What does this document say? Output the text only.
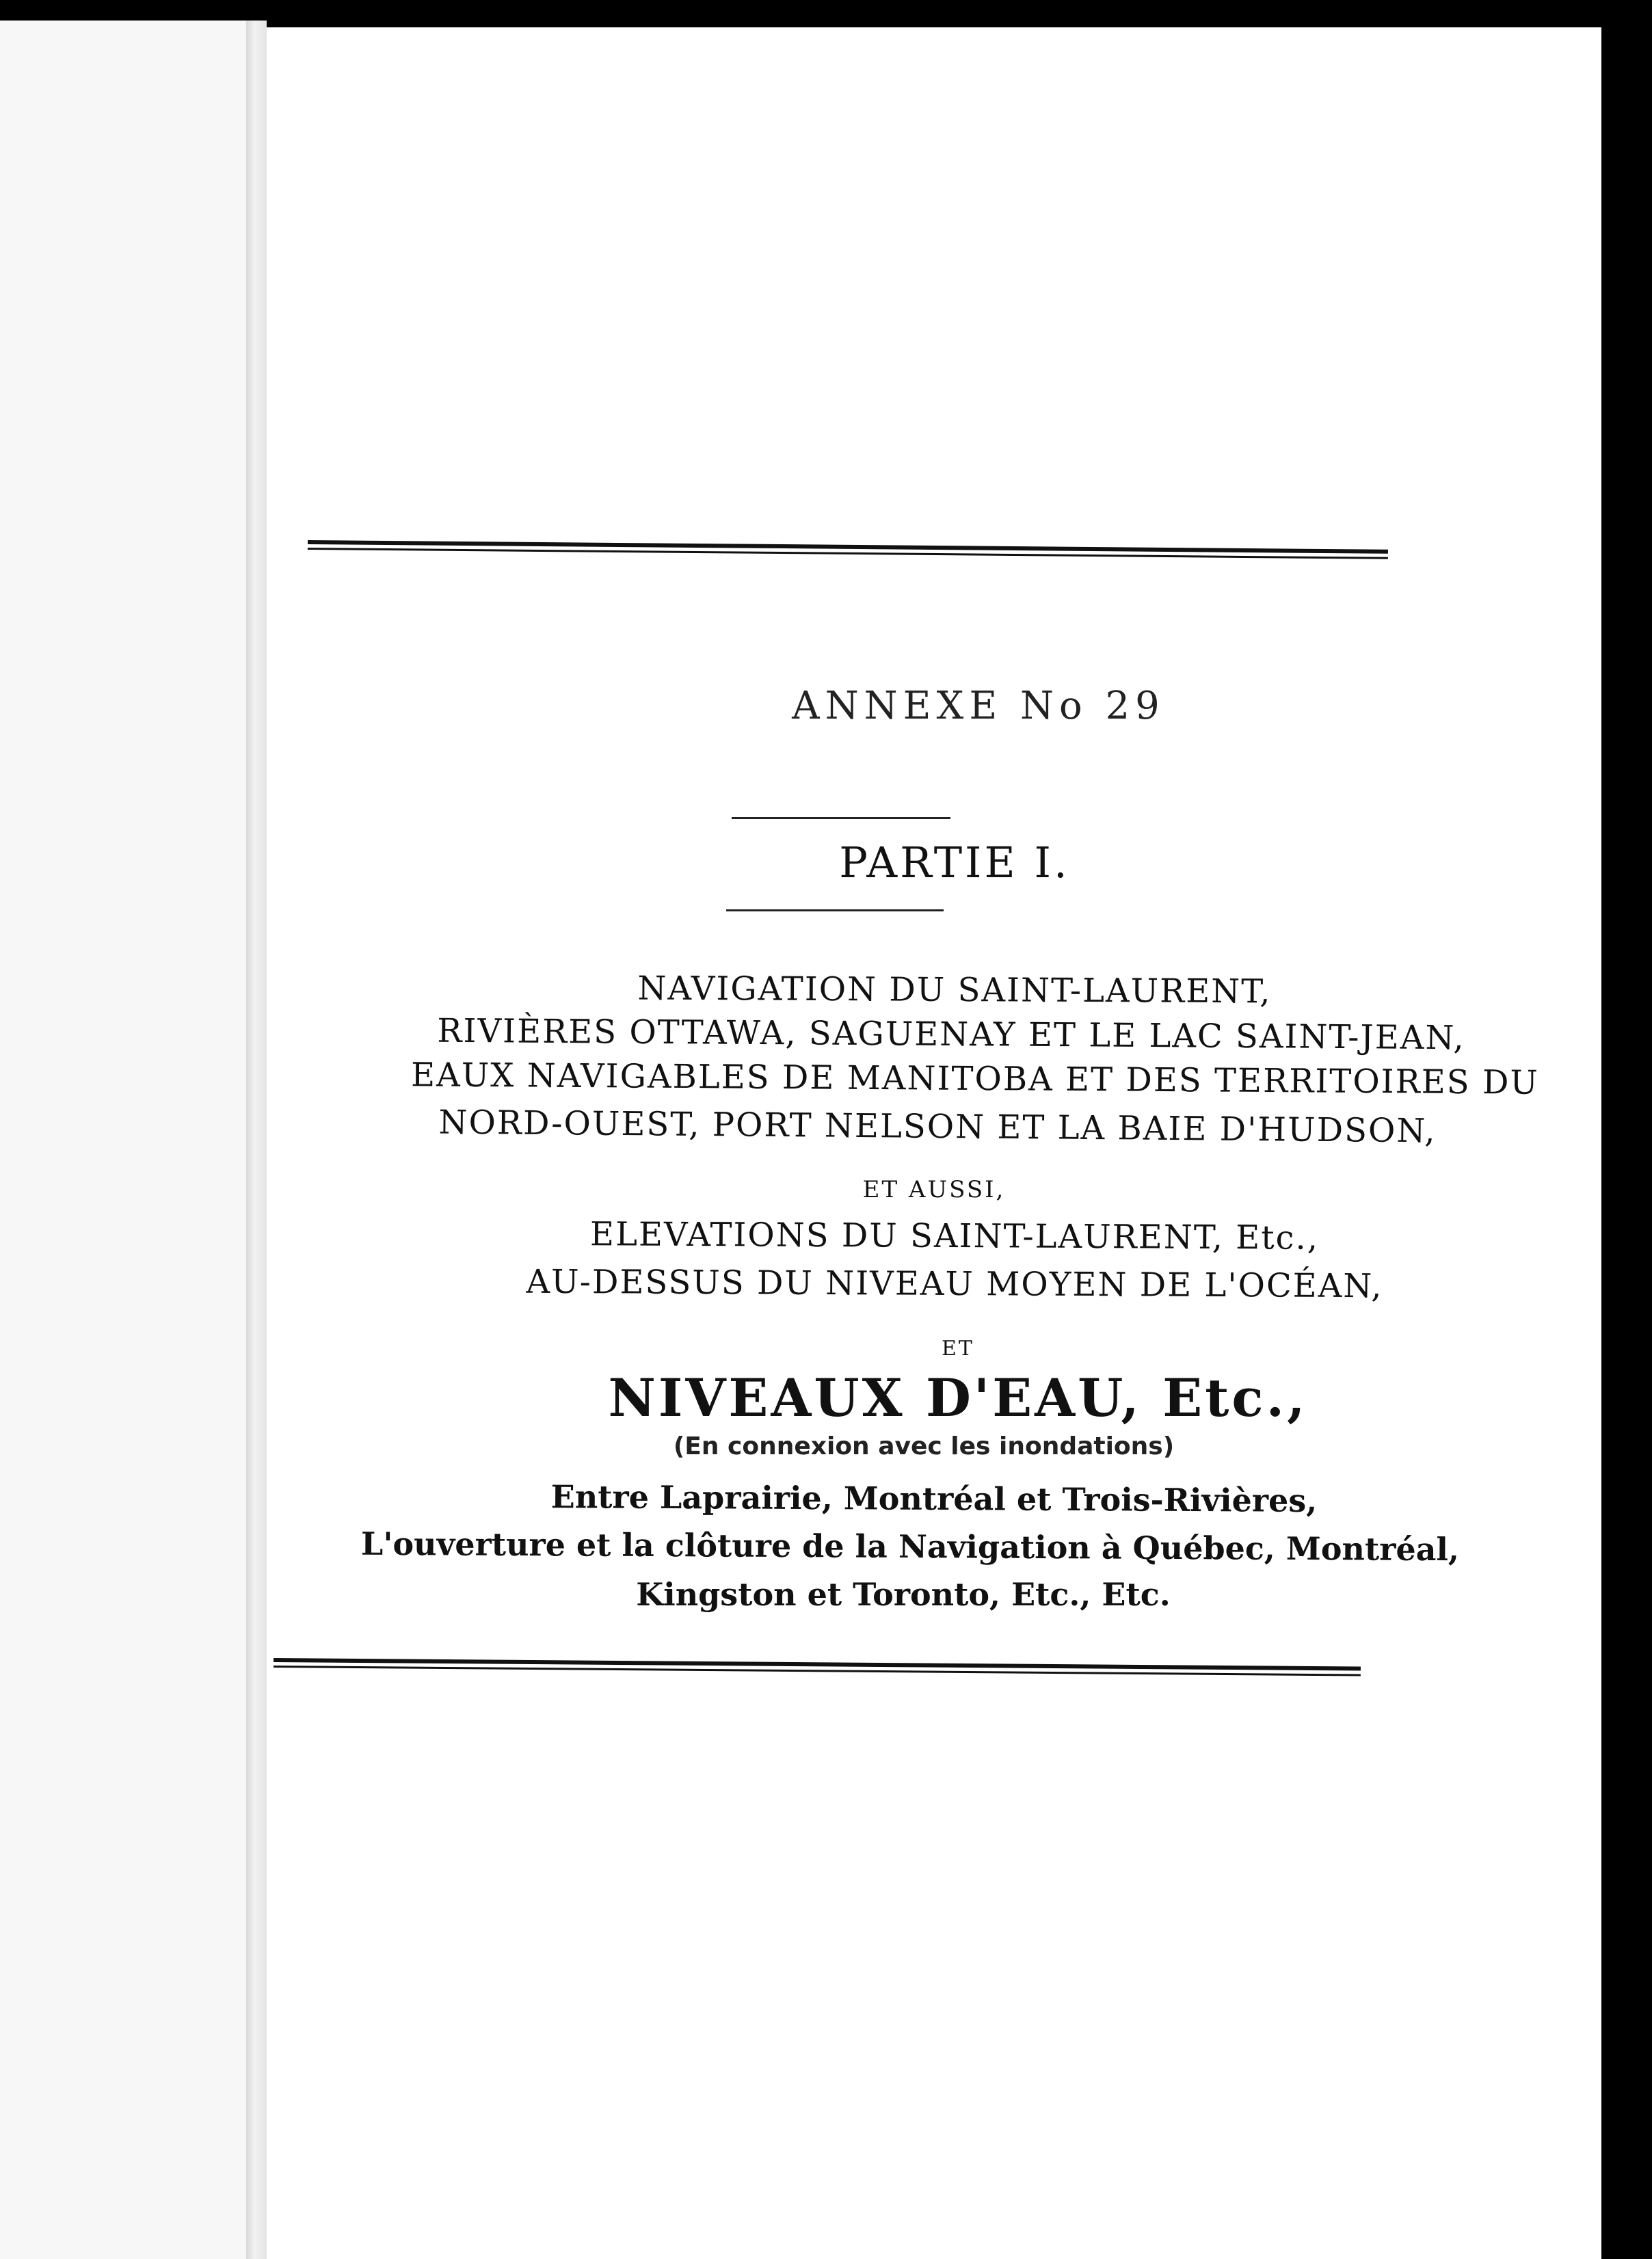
ANNEXE No 29

PARTIE I.

NAVIGATION DU SAINT-LAURENT,

RIVIÈRES OTTAWA, SAGUENAY ET LE LAC SAINT-JEAN,

EAUX NAVIGABLES DE MANITOBA ET DES TERRITOIRES DU

NORD-OUEST, PORT NELSON ET LA BAIE D'HUDSON,

ET AUSSI,

ELEVATIONS DU SAINT-LAURENT, Etc.,

AU-DESSUS DU NIVEAU MOYEN DE L'OCÉAN,

ET

NIVEAUX D'EAU, Etc.,

(En connexion avec les inondations)

Entre Laprairie, Montréal et Trois-Rivières,

L'ouverture et la clôture de la Navigation à Québec, Montréal,

Kingston et Toronto, Etc., Etc.
